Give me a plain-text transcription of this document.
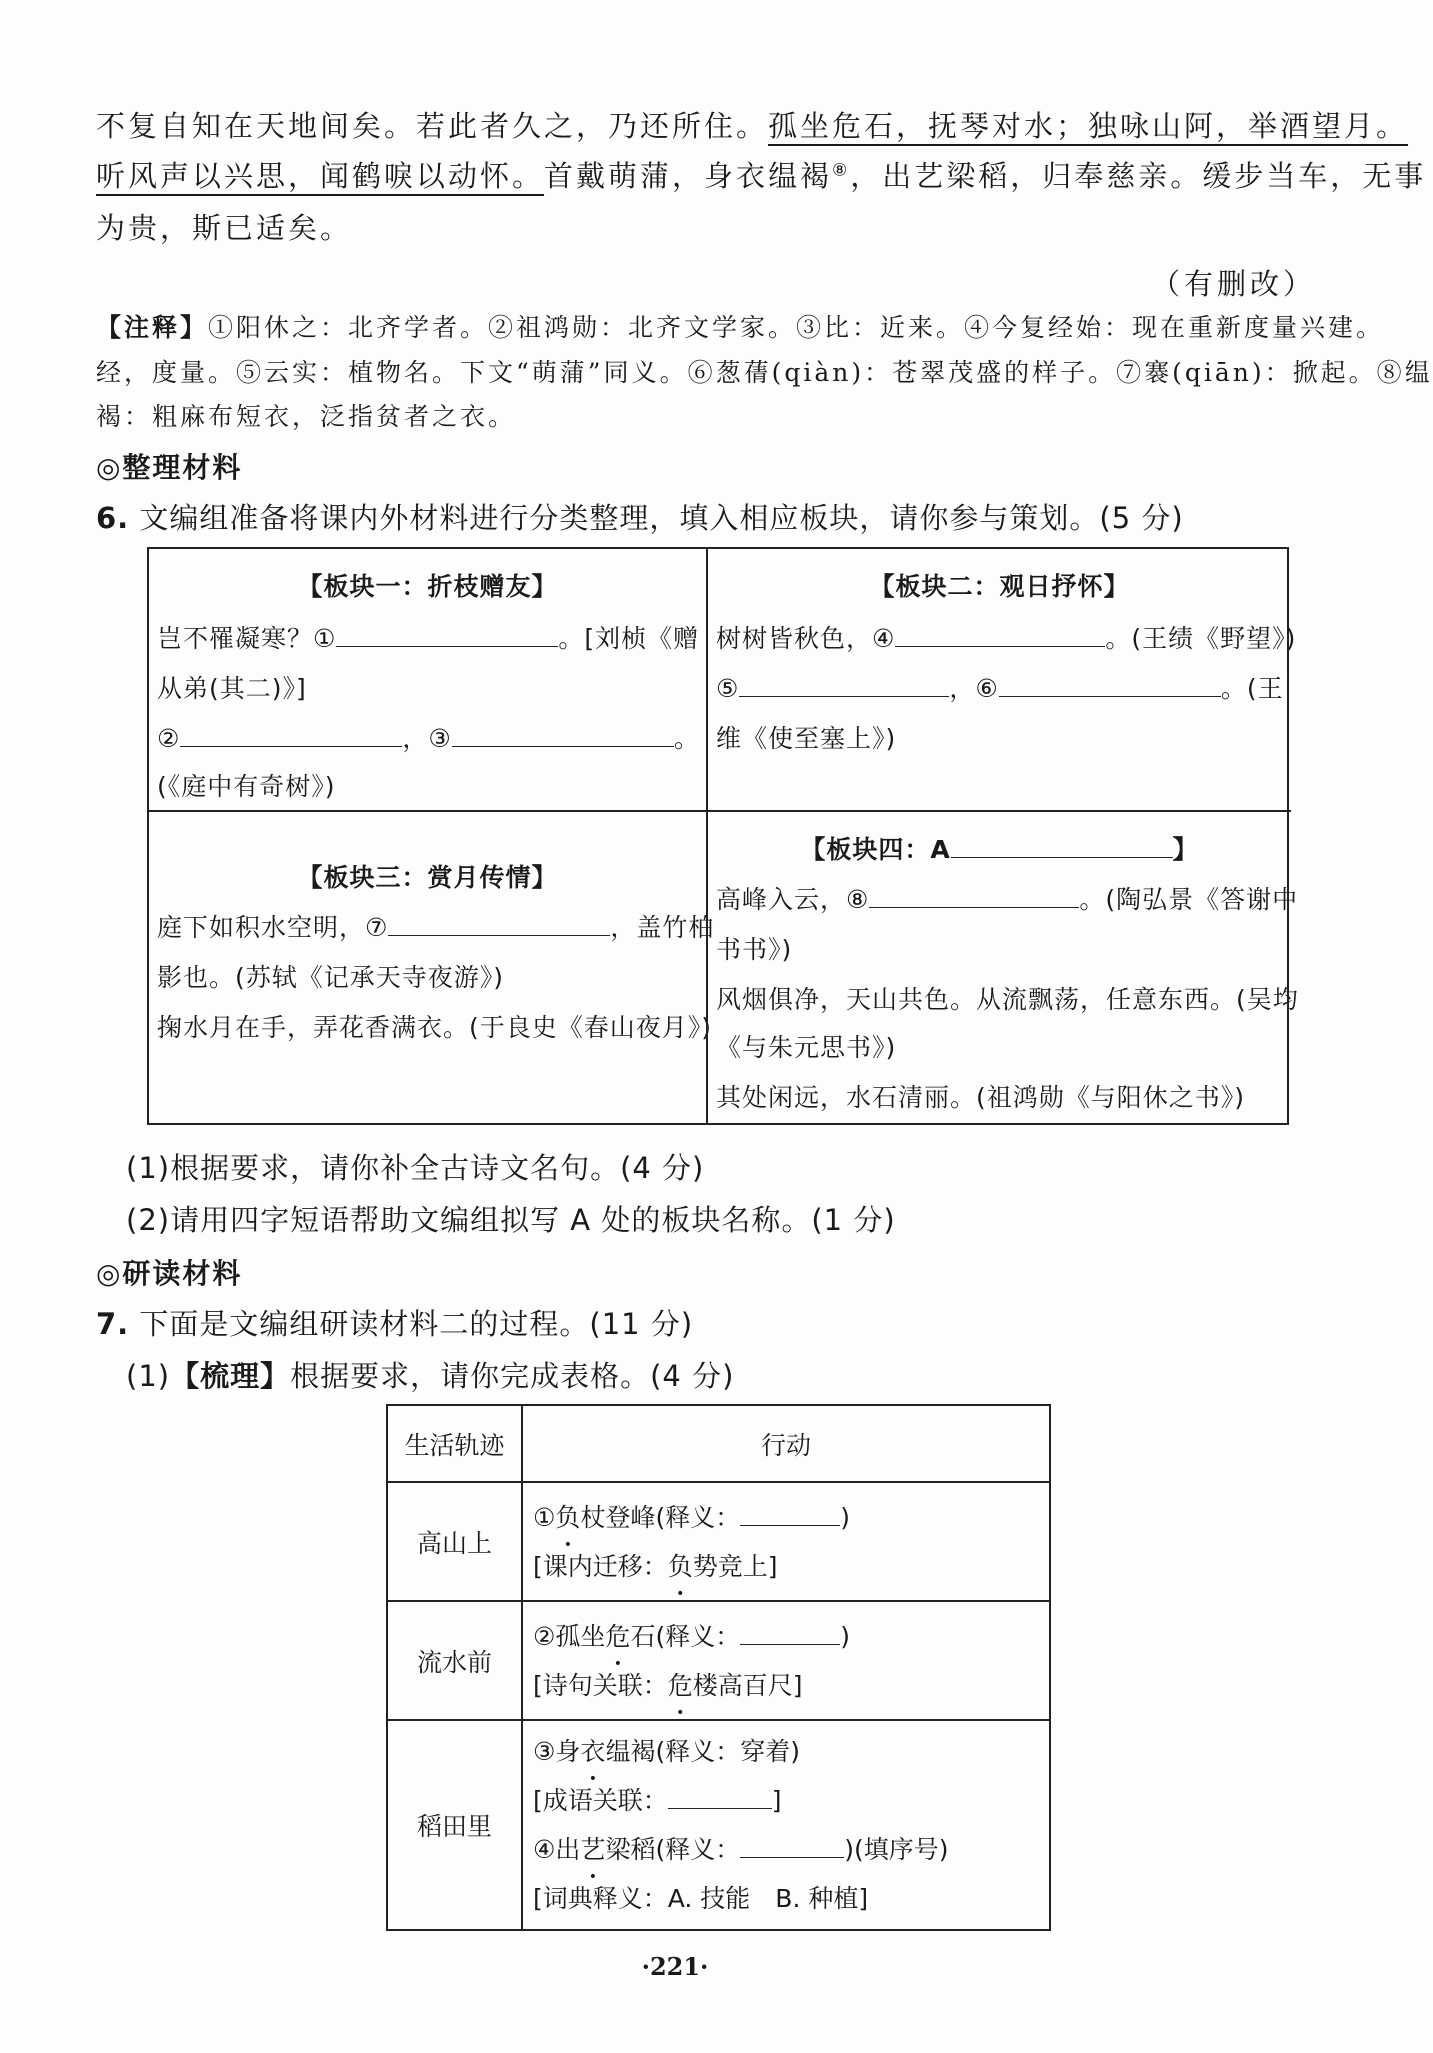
不复自知在天地间矣。若此者久之，乃还所住。孤坐危石，抚琴对水；独咏山阿，举酒望月。
听风声以兴思，闻鹤唳以动怀。首戴萌蒲，身衣缊褐⑧，出艺梁稻，归奉慈亲。缓步当车，无事
为贵，斯已适矣。
（有删改）
【注释】①阳休之：北齐学者。②祖鸿勋：北齐文学家。③比：近来。④今复经始：现在重新度量兴建。
经，度量。⑤云实：植物名。下文“萌蒲”同义。⑥葱蒨(qiàn)：苍翠茂盛的样子。⑦褰(qiān)：掀起。⑧缊
褐：粗麻布短衣，泛指贫者之衣。
◎整理材料
6. 文编组准备将课内外材料进行分类整理，填入相应板块，请你参与策划。(5 分)
【板块一：折枝赠友】
岂不罹凝寒？①	。[刘桢《赠
从弟(其二)》]
②	，③	。
(《庭中有奇树》)
【板块二：观日抒怀】
树树皆秋色，④	。(王绩《野望》)
⑤	，⑥	。(王
维《使至塞上》)
【板块三：赏月传情】
庭下如积水空明，⑦	，盖竹柏
影也。(苏轼《记承天寺夜游》)
掬水月在手，弄花香满衣。(于良史《春山夜月》)
【板块四：A	】
高峰入云，⑧	。(陶弘景《答谢中
书书》)
风烟俱净，天山共色。从流飘荡，任意东西。(吴均
《与朱元思书》)
其处闲远，水石清丽。(祖鸿勋《与阳休之书》)
(1)根据要求，请你补全古诗文名句。(4 分)
(2)请用四字短语帮助文编组拟写 A 处的板块名称。(1 分)
◎研读材料
7. 下面是文编组研读材料二的过程。(11 分)
(1)【梳理】根据要求，请你完成表格。(4 分)
生活轨迹	行动
高山上	①负杖登峰(释义： )
[课内迁移：负势竞上]

流水前	②孤坐危石(释义： )
[诗句关联：危楼高百尺]

稻田里	③身衣缊褐(释义：穿着)
[成语关联： ]
④出艺梁稻(释义： )(填序号)
[词典释义：A. 技能　B. 种植]
·221·
